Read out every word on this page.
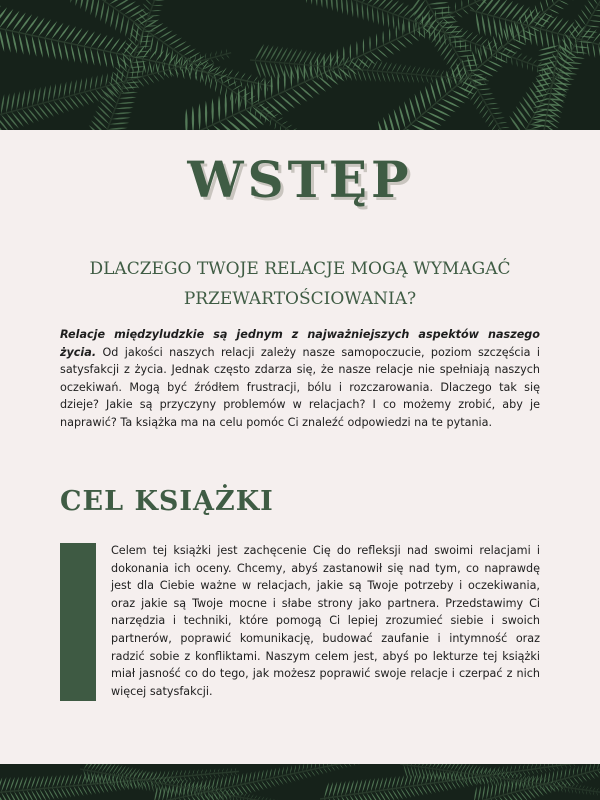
WSTĘP
DLACZEGO TWOJE RELACJE MOGĄ WYMAGAĆ PRZEWARTOŚCIOWANIA?
Relacje międzyludzkie są jednym z najważniejszych aspektów naszego życia. Od jakości naszych relacji zależy nasze samopoczucie, poziom szczęścia i satysfakcji z życia. Jednak często zdarza się, że nasze relacje nie spełniają naszych oczekiwań. Mogą być źródłem frustracji, bólu i rozczarowania. Dlaczego tak się dzieje? Jakie są przyczyny problemów w relacjach? I co możemy zrobić, aby je naprawić? Ta książka ma na celu pomóc Ci znaleźć odpowiedzi na te pytania.
CEL KSIĄŻKI
Celem tej książki jest zachęcenie Cię do refleksji nad swoimi relacjami i dokonania ich oceny. Chcemy, abyś zastanowił się nad tym, co naprawdę jest dla Ciebie ważne w relacjach, jakie są Twoje potrzeby i oczekiwania, oraz jakie są Twoje mocne i słabe strony jako partnera. Przedstawimy Ci narzędzia i techniki, które pomogą Ci lepiej zrozumieć siebie i swoich partnerów, poprawić komunikację, budować zaufanie i intymność oraz radzić sobie z konfliktami. Naszym celem jest, abyś po lekturze tej książki miał jasność co do tego, jak możesz poprawić swoje relacje i czerpać z nich więcej satysfakcji.
